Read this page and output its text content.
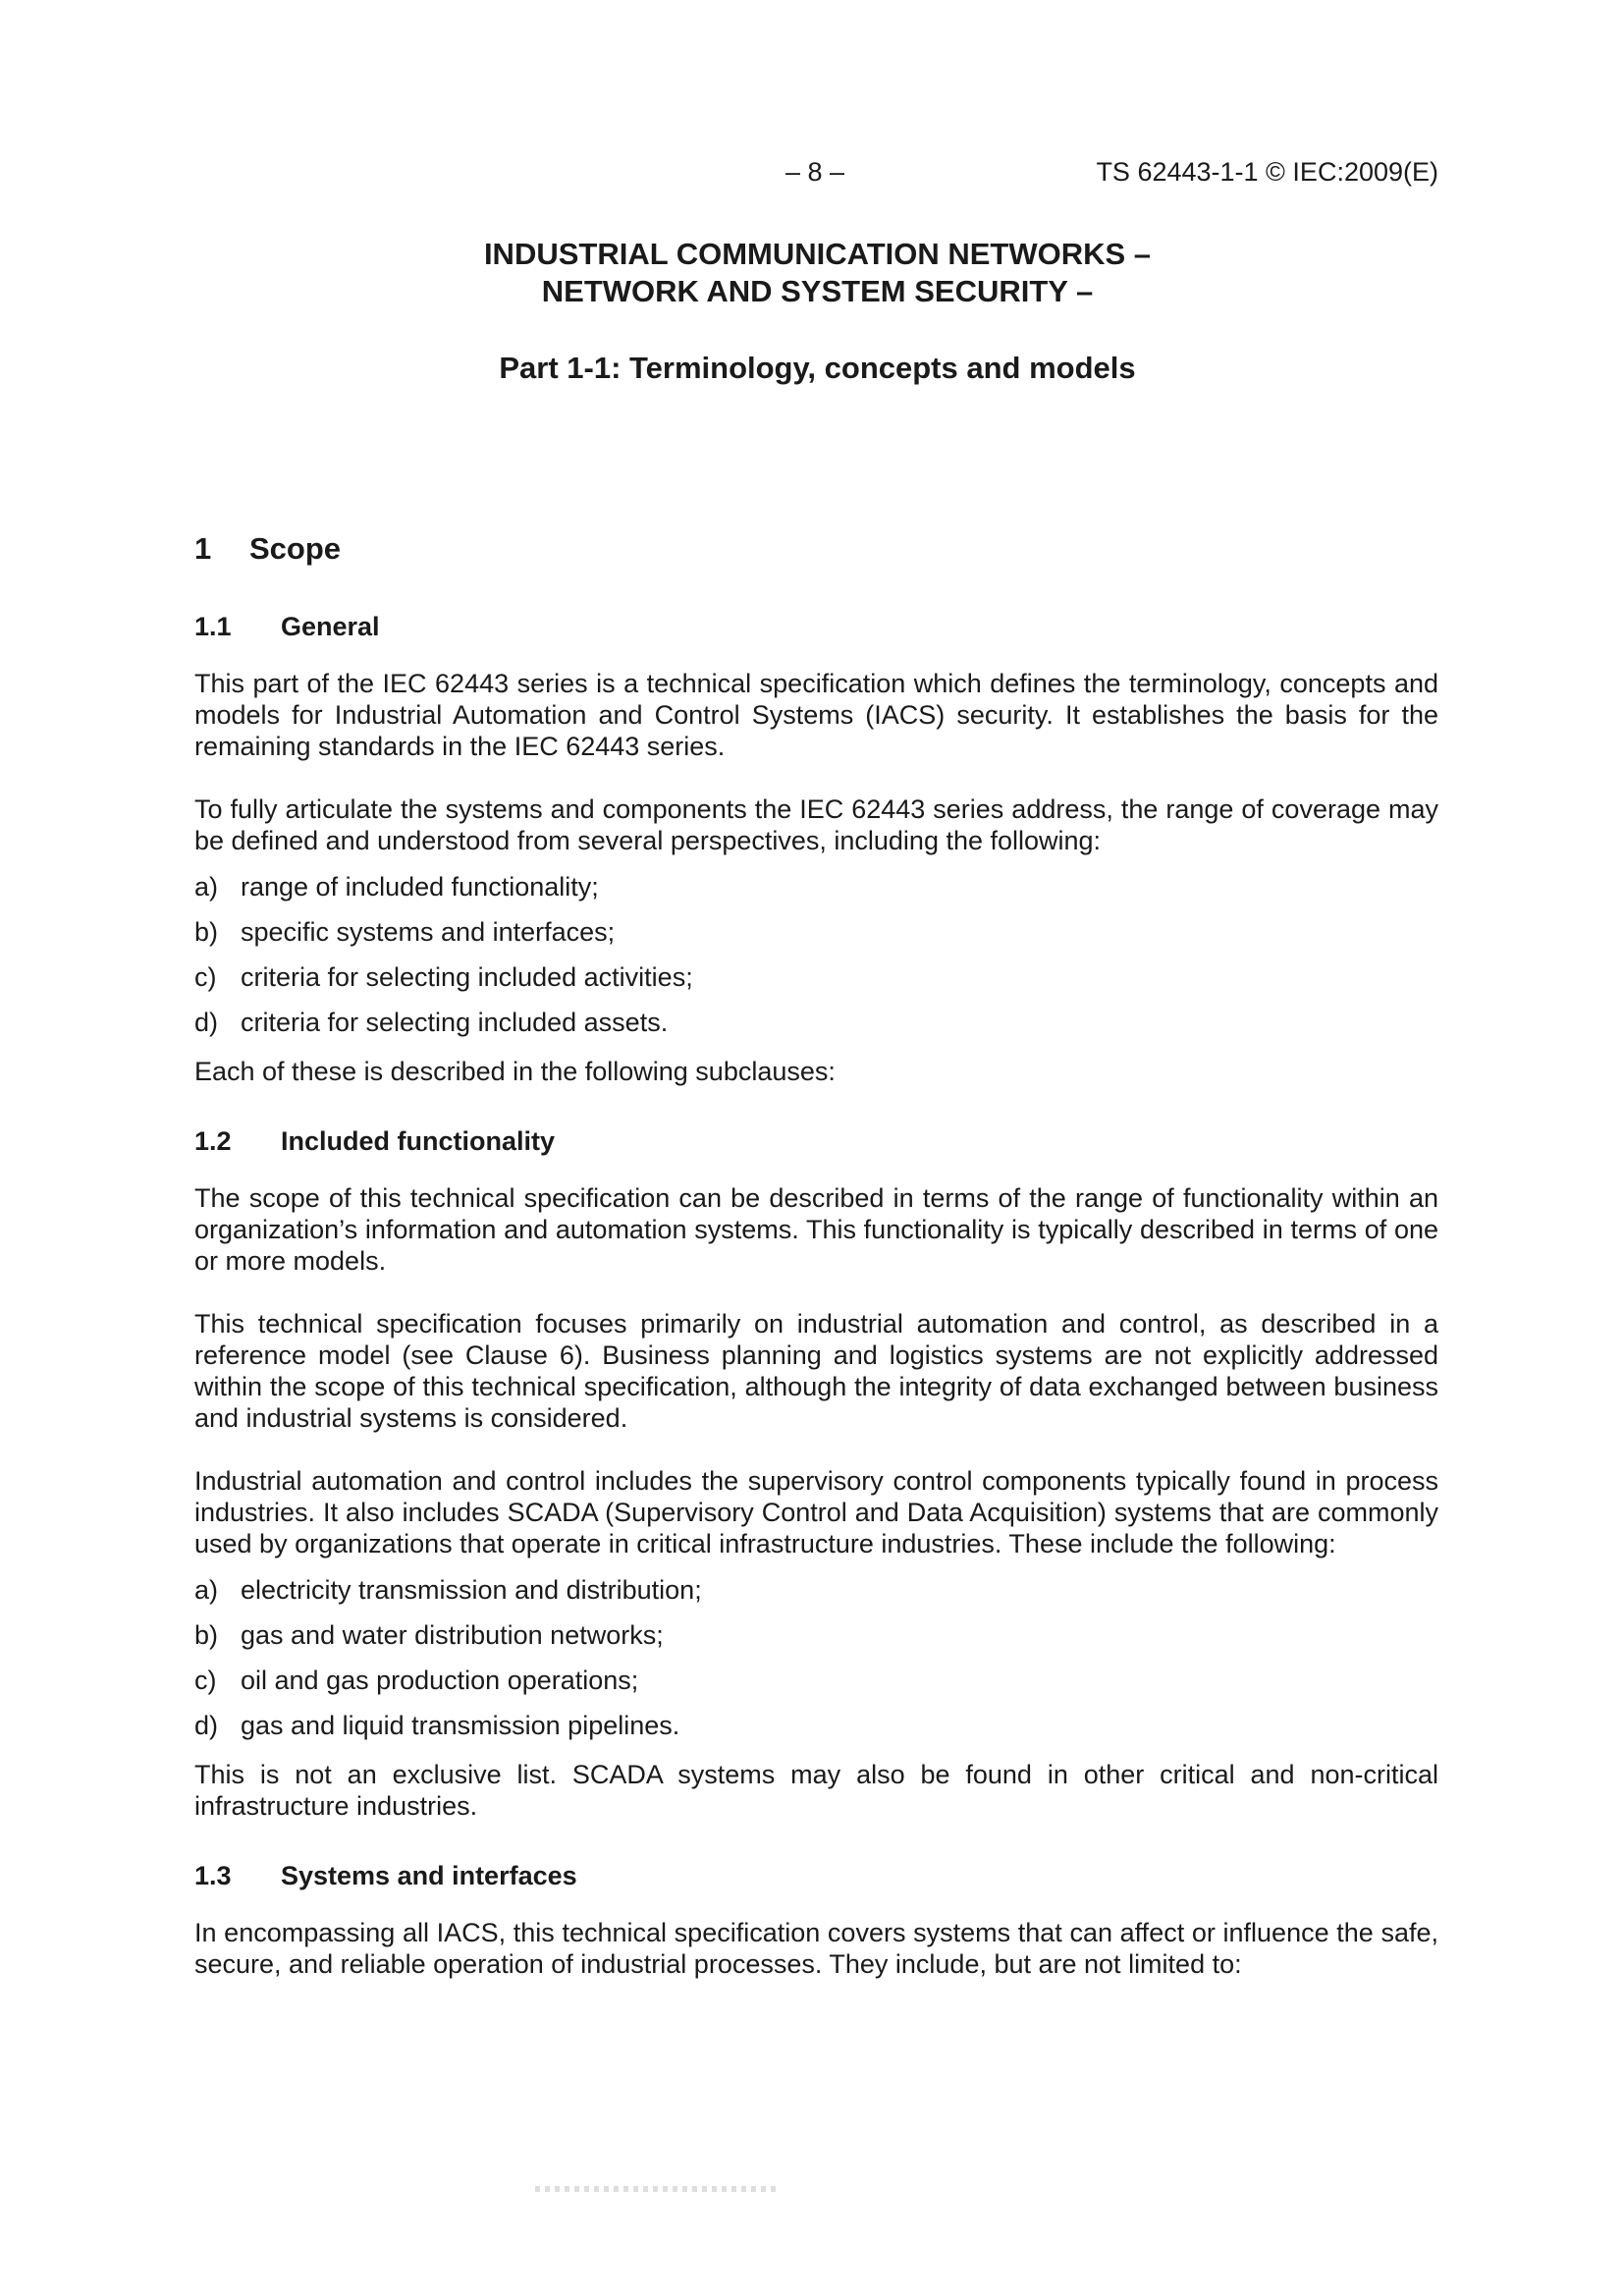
– 8 –	TS 62443-1-1 © IEC:2009(E)

INDUSTRIAL COMMUNICATION NETWORKS –

NETWORK AND SYSTEM SECURITY –

Part 1-1: Terminology, concepts and models

1	Scope
1.1	General

This part of the IEC 62443 series is a technical specification which defines the terminology, concepts and models for Industrial Automation and Control Systems (IACS) security. It establishes the basis for the remaining standards in the IEC 62443 series.

To fully articulate the systems and components the IEC 62443 series address, the range of coverage may be defined and understood from several perspectives, including the following:

a) range of included functionality;
b) specific systems and interfaces;
c) criteria for selecting included activities;
d) criteria for selecting included assets.

Each of these is described in the following subclauses:

1.2	Included functionality

The scope of this technical specification can be described in terms of the range of functionality within an organization’s information and automation systems. This functionality is typically described in terms of one or more models.

This technical specification focuses primarily on industrial automation and control, as described in a reference model (see Clause 6). Business planning and logistics systems are not explicitly addressed within the scope of this technical specification, although the integrity of data exchanged between business and industrial systems is considered.

Industrial automation and control includes the supervisory control components typically found in process industries. It also includes SCADA (Supervisory Control and Data Acquisition) systems that are commonly used by organizations that operate in critical infrastructure industries. These include the following:

a) electricity transmission and distribution;
b) gas and water distribution networks;
c) oil and gas production operations;
d) gas and liquid transmission pipelines.

This is not an exclusive list. SCADA systems may also be found in other critical and non-critical infrastructure industries.

1.3	Systems and interfaces

In encompassing all IACS, this technical specification covers systems that can affect or influence the safe, secure, and reliable operation of industrial processes. They include, but are not limited to:
